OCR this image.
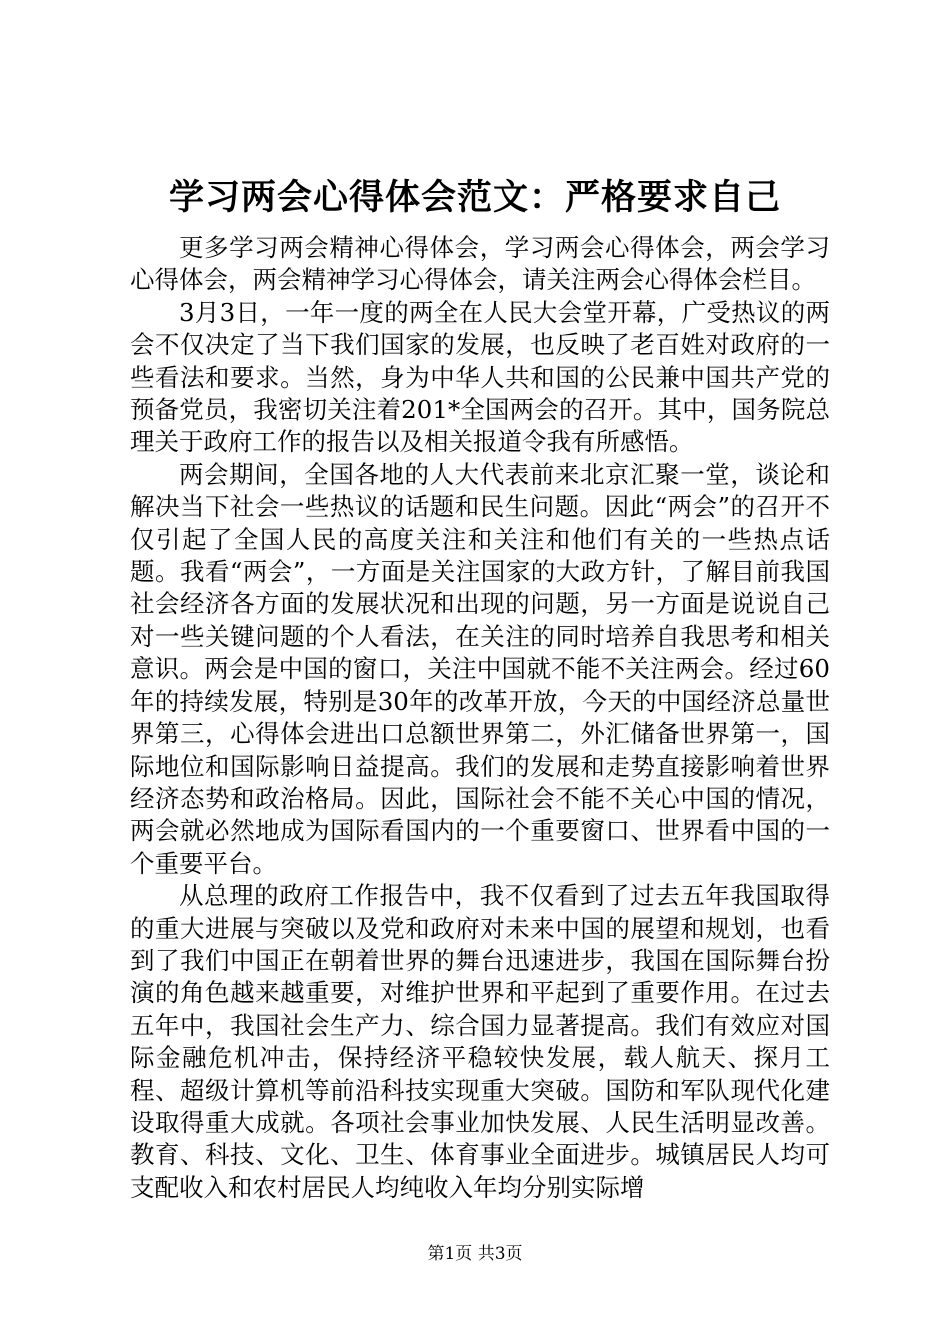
学习两会心得体会范文：严格要求自己

更多学习两会精神心得体会，学习两会心得体会，两会学习心得体会，两会精神学习心得体会，请关注两会心得体会栏目。

3月3日，一年一度的两全在人民大会堂开幕，广受热议的两会不仅决定了当下我们国家的发展，也反映了老百姓对政府的一些看法和要求。当然，身为中华人共和国的公民兼中国共产党的预备党员，我密切关注着201*全国两会的召开。其中，国务院总理关于政府工作的报告以及相关报道令我有所感悟。

两会期间，全国各地的人大代表前来北京汇聚一堂，谈论和解决当下社会一些热议的话题和民生问题。因此“两会”的召开不仅引起了全国人民的高度关注和关注和他们有关的一些热点话题。我看“两会”，一方面是关注国家的大政方针，了解目前我国社会经济各方面的发展状况和出现的问题，另一方面是说说自己对一些关键问题的个人看法，在关注的同时培养自我思考和相关意识。两会是中国的窗口，关注中国就不能不关注两会。经过60年的持续发展，特别是30年的改革开放，今天的中国经济总量世界第三，心得体会进出口总额世界第二，外汇储备世界第一，国际地位和国际影响日益提高。我们的发展和走势直接影响着世界经济态势和政治格局。因此，国际社会不能不关心中国的情况，两会就必然地成为国际看国内的一个重要窗口、世界看中国的一个重要平台。

从总理的政府工作报告中，我不仅看到了过去五年我国取得的重大进展与突破以及党和政府对未来中国的展望和规划，也看到了我们中国正在朝着世界的舞台迅速进步，我国在国际舞台扮演的角色越来越重要，对维护世界和平起到了重要作用。在过去五年中，我国社会生产力、综合国力显著提高。我们有效应对国际金融危机冲击，保持经济平稳较快发展，载人航天、探月工程、超级计算机等前沿科技实现重大突破。国防和军队现代化建设取得重大成就。各项社会事业加快发展、人民生活明显改善。教育、科技、文化、卫生、体育事业全面进步。城镇居民人均可支配收入和农村居民人均纯收入年均分别实际增

第1页 共3页
